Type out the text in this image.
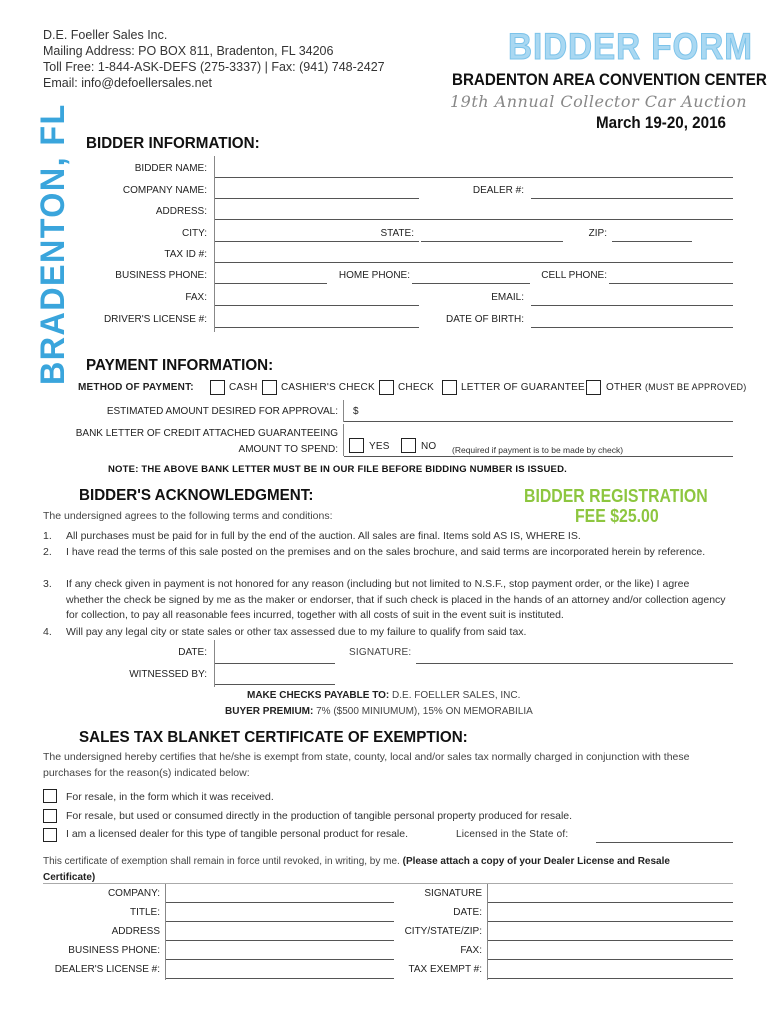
D.E. Foeller Sales Inc.
Mailing Address: PO BOX 811, Bradenton, FL 34206
Toll Free: 1-844-ASK-DEFS (275-3337) | Fax: (941) 748-2427
Email: info@defoellersales.net
BIDDER FORM
BRADENTON AREA CONVENTION CENTER
19th Annual Collector Car Auction
March 19-20, 2016
BRADENTON, FL BIDDER INFORMATION:
BIDDER NAME:
COMPANY NAME:	DEALER #:
ADDRESS:
CITY:	STATE:	ZIP:
TAX ID #:
BUSINESS PHONE:	HOME PHONE:	CELL PHONE:
FAX:	EMAIL:
DRIVER'S LICENSE #:	DATE OF BIRTH:
PAYMENT INFORMATION:
METHOD OF PAYMENT:	CASH CASHIER'S CHECK CHECK	LETTER OF GUARANTEE OTHER (MUST BE APPROVED)
ESTIMATED AMOUNT DESIRED FOR APPROVAL: $
BANK LETTER OF CREDIT ATTACHED GUARANTEEING
AMOUNT TO SPEND:	YES	NO (Required if payment is to be made by check)
NOTE: THE ABOVE BANK LETTER MUST BE IN OUR FILE BEFORE BIDDING NUMBER IS ISSUED.
BIDDER'S ACKNOWLEDGMENT:	BIDDER REGISTRATION
FEE $25.00
The undersigned agrees to the following terms and conditions:
1.	All purchases must be paid for in full by the end of the auction. All sales are final. Items sold AS IS, WHERE IS.
2. I have read the terms of this sale posted on the premises and on the sales brochure, and said terms are incorporated herein by reference.
3. If any check given in payment is not honored for any reason (including but not limited to N.S.F., stop payment order, or the like) I agree whether the check be signed by me as the maker or endorser, that if such check is placed in the hands of an attorney and/or collection agency for collection, to pay all reasonable fees incurred, together with all costs of suit in the event suit is instituted.
4. Will pay any legal city or state sales or other tax assessed due to my failure to qualify from said tax.
DATE:	SIGNATURE:
WITNESSED BY:
MAKE CHECKS PAYABLE TO: D.E. FOELLER SALES, INC.
BUYER PREMIUM: 7% ($500 MINIUMUM), 15% ON MEMORABILIA
SALES TAX BLANKET CERTIFICATE OF EXEMPTION:
The undersigned hereby certifies that he/she is exempt from state, county, local and/or sales tax normally charged in conjunction with these purchases for the reason(s) indicated below:
For resale, in the form which it was received.
For resale, but used or consumed directly in the production of tangible personal property produced for resale.
I am a licensed dealer for this type of tangible personal product for resale.	Licensed in the State of:
This certificate of exemption shall remain in force until revoked, in writing, by me. (Please attach a copy of your Dealer License and Resale
Certificate)
COMPANY:	SIGNATURE
TITLE:	DATE:
ADDRESS	CITY/STATE/ZIP:
BUSINESS PHONE:	FAX:
DEALER'S LICENSE #:	TAX EXEMPT #:
